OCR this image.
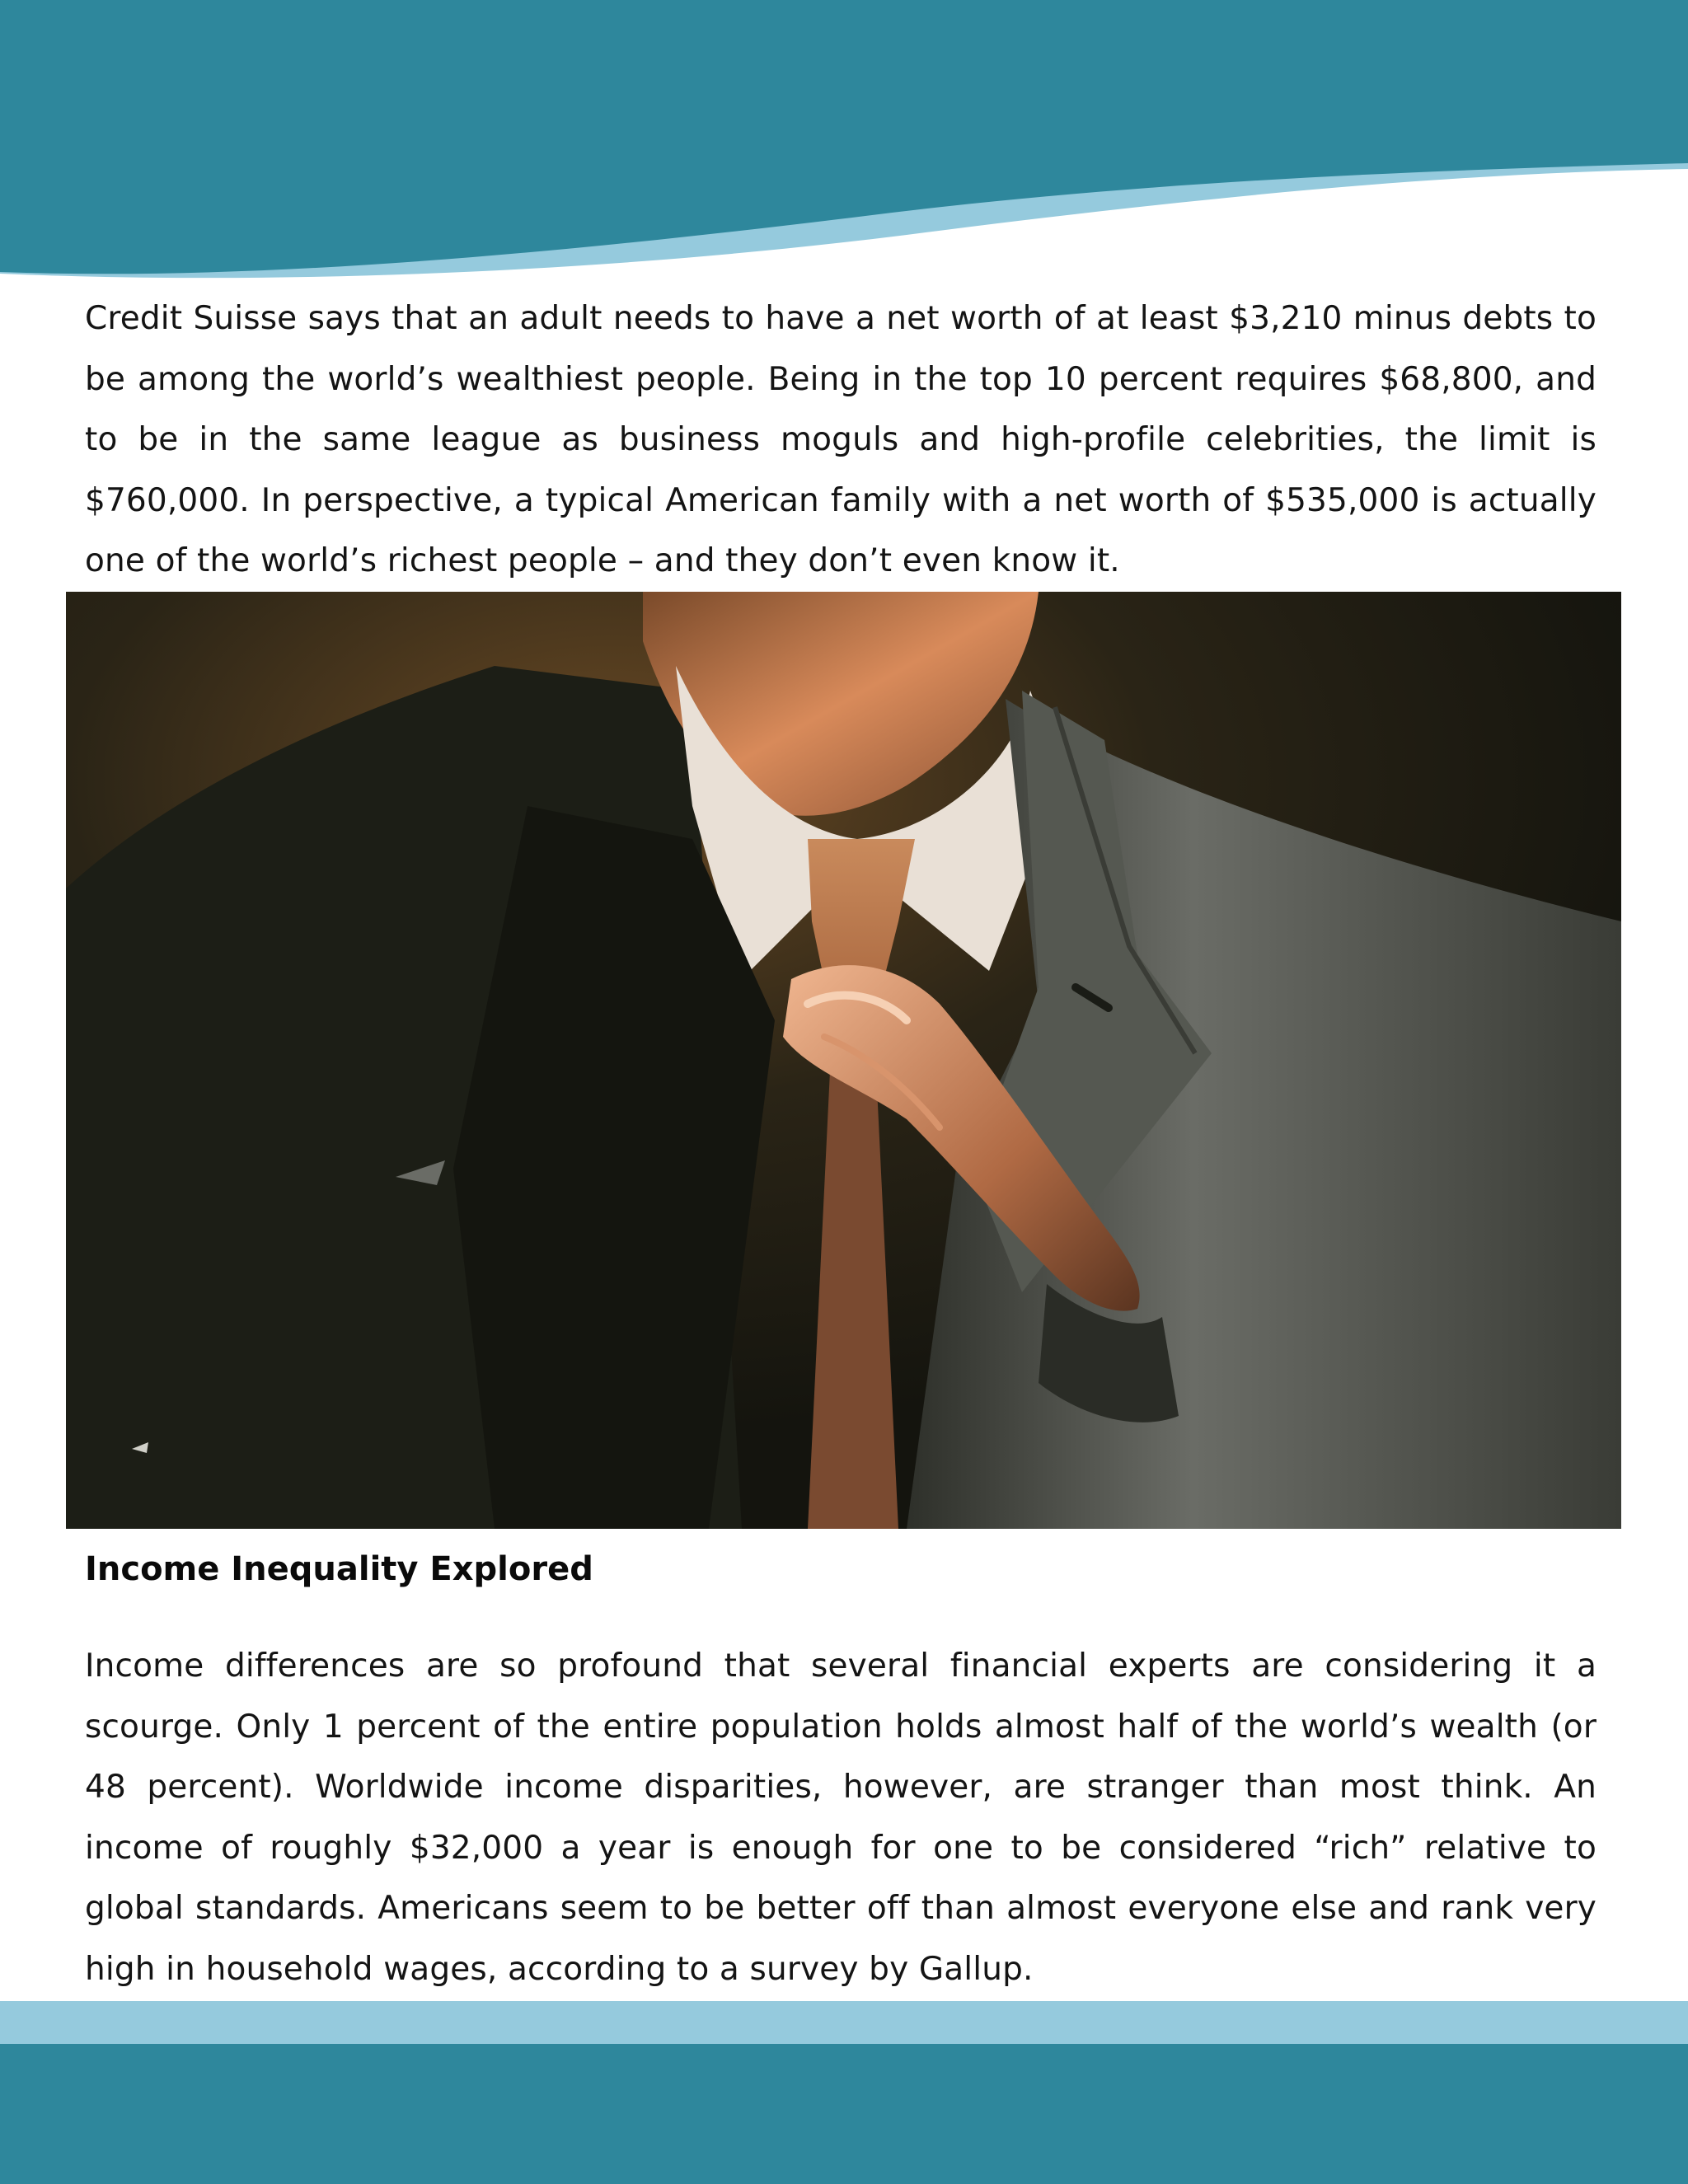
Credit Suisse says that an adult needs to have a net worth of at least $3,210 minus debts to be among the world’s wealthiest people. Being in the top 10 percent requires $68,800, and to be in the same league as business moguls and high-profile celebrities, the limit is $760,000. In perspective, a typical American family with a net worth of $535,000 is actually one of the world’s richest people – and they don’t even know it.

Income Inequality Explored

Income differences are so profound that several financial experts are considering it a scourge. Only 1 percent of the entire population holds almost half of the world’s wealth (or 48 percent). Worldwide income disparities, however, are stranger than most think. An income of roughly $32,000 a year is enough for one to be considered “rich” relative to global standards. Americans seem to be better off than almost everyone else and rank very high in household wages, according to a survey by Gallup.
